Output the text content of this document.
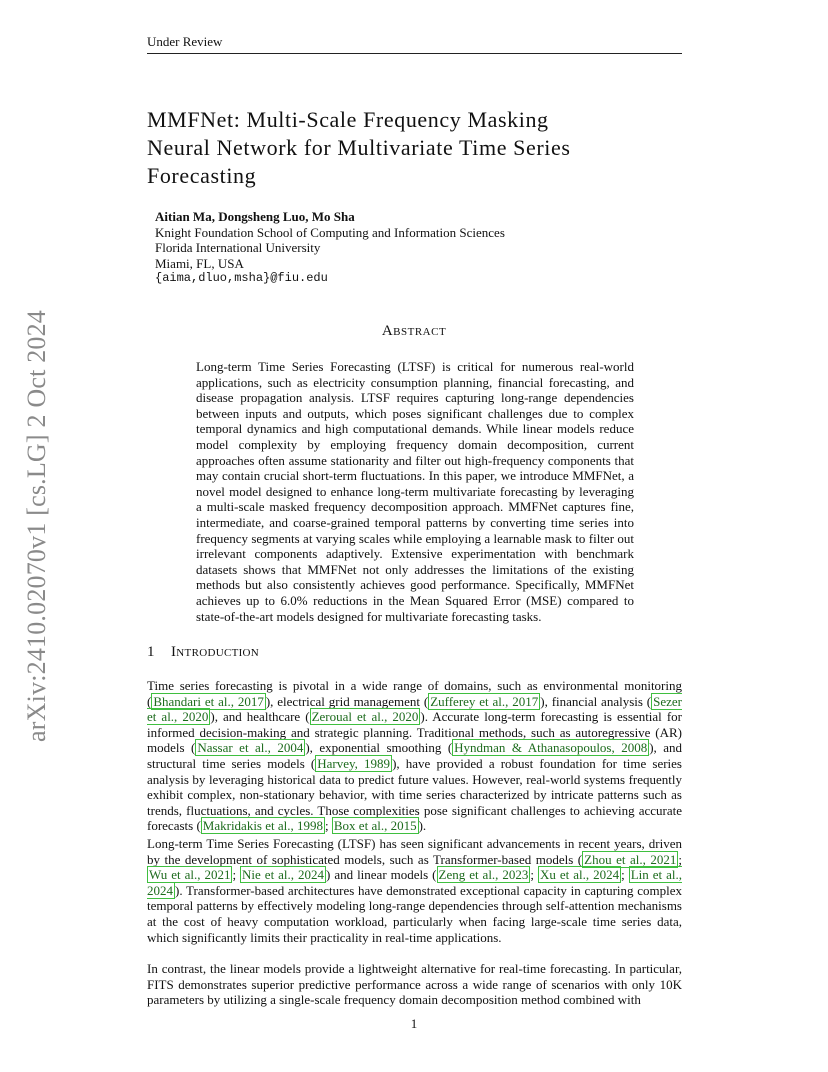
Under Review
arXiv:2410.02070v1 [cs.LG] 2 Oct 2024
MMFNet: Multi-Scale Frequency Masking
Neural Network for Multivariate Time Series
Forecasting
Aitian Ma, Dongsheng Luo, Mo Sha
Knight Foundation School of Computing and Information Sciences
Florida International University
Miami, FL, USA
{aima,dluo,msha}@fiu.edu
Abstract
Long-term Time Series Forecasting (LTSF) is critical for numerous real-world applications, such as electricity consumption planning, financial forecasting, and disease propagation analysis. LTSF requires capturing long-range dependencies between inputs and outputs, which poses significant challenges due to complex temporal dynamics and high computational demands. While linear models reduce model complexity by employing frequency domain decomposition, current approaches often assume stationarity and filter out high-frequency components that may contain crucial short-term fluctuations. In this paper, we introduce MMFNet, a novel model designed to enhance long-term multivariate forecasting by leveraging a multi-scale masked frequency decomposition approach. MMFNet captures fine, intermediate, and coarse-grained temporal patterns by converting time series into frequency segments at varying scales while employing a learnable mask to filter out irrelevant components adaptively. Extensive experimentation with benchmark datasets shows that MMFNet not only addresses the limitations of the existing methods but also consistently achieves good performance. Specifically, MMFNet achieves up to 6.0% reductions in the Mean Squared Error (MSE) compared to state-of-the-art models designed for multivariate forecasting tasks.
1 Introduction
Time series forecasting is pivotal in a wide range of domains, such as environmental monitoring ( Bhandari et al., 2017 ), electrical grid management ( Zufferey et al., 2017 ), financial analysis ( Sezer et al., 2020 ), and healthcare ( Zeroual et al., 2020 ). Accurate long-term forecasting is essential for informed decision-making and strategic planning. Traditional methods, such as autoregressive (AR) models ( Nassar et al., 2004 ), exponential smoothing ( Hyndman & Athanasopoulos, 2008 ), and structural time series models ( Harvey, 1989 ), have provided a robust foundation for time series analysis by leveraging historical data to predict future values. However, real-world systems frequently exhibit complex, non-stationary behavior, with time series characterized by intricate patterns such as trends, fluctuations, and cycles. Those complexities pose significant challenges to achieving accurate forecasts ( Makridakis et al., 1998 ; Box et al., 2015 ).
Long-term Time Series Forecasting (LTSF) has seen significant advancements in recent years, driven by the development of sophisticated models, such as Transformer-based models ( Zhou et al., 2021 ; Wu et al., 2021 ; Nie et al., 2024 ) and linear models ( Zeng et al., 2023 ; Xu et al., 2024 ; Lin et al., 2024 ). Transformer-based architectures have demonstrated exceptional capacity in capturing complex temporal patterns by effectively modeling long-range dependencies through self-attention mechanisms at the cost of heavy computation workload, particularly when facing large-scale time series data, which significantly limits their practicality in real-time applications.
In contrast, the linear models provide a lightweight alternative for real-time forecasting. In particular, FITS demonstrates superior predictive performance across a wide range of scenarios with only 10K parameters by utilizing a single-scale frequency domain decomposition method combined with
1
